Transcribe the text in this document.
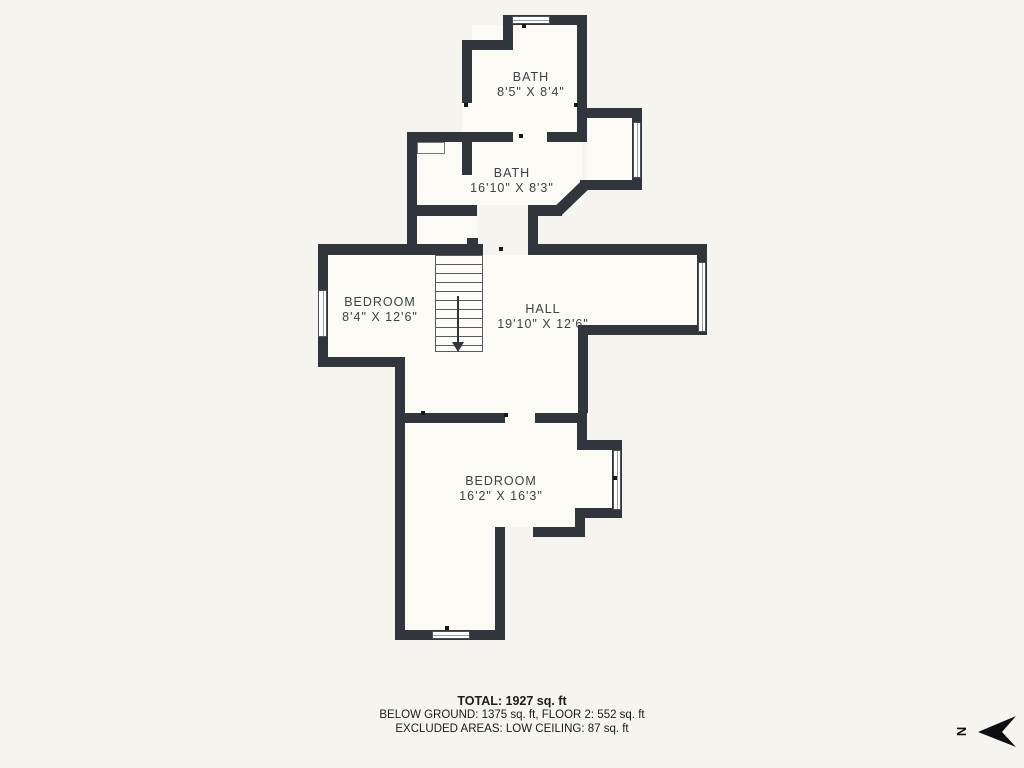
BATH
8'5" X 8'4"
BATH
16'10" X 8'3"
BEDROOM
8'4" X 12'6"
HALL
19'10" X 12'6"
BEDROOM
16'2" X 16'3"
TOTAL: 1927 sq. ft
BELOW GROUND: 1375 sq. ft, FLOOR 2: 552 sq. ft
EXCLUDED AREAS: LOW CEILING: 87 sq. ft	N
